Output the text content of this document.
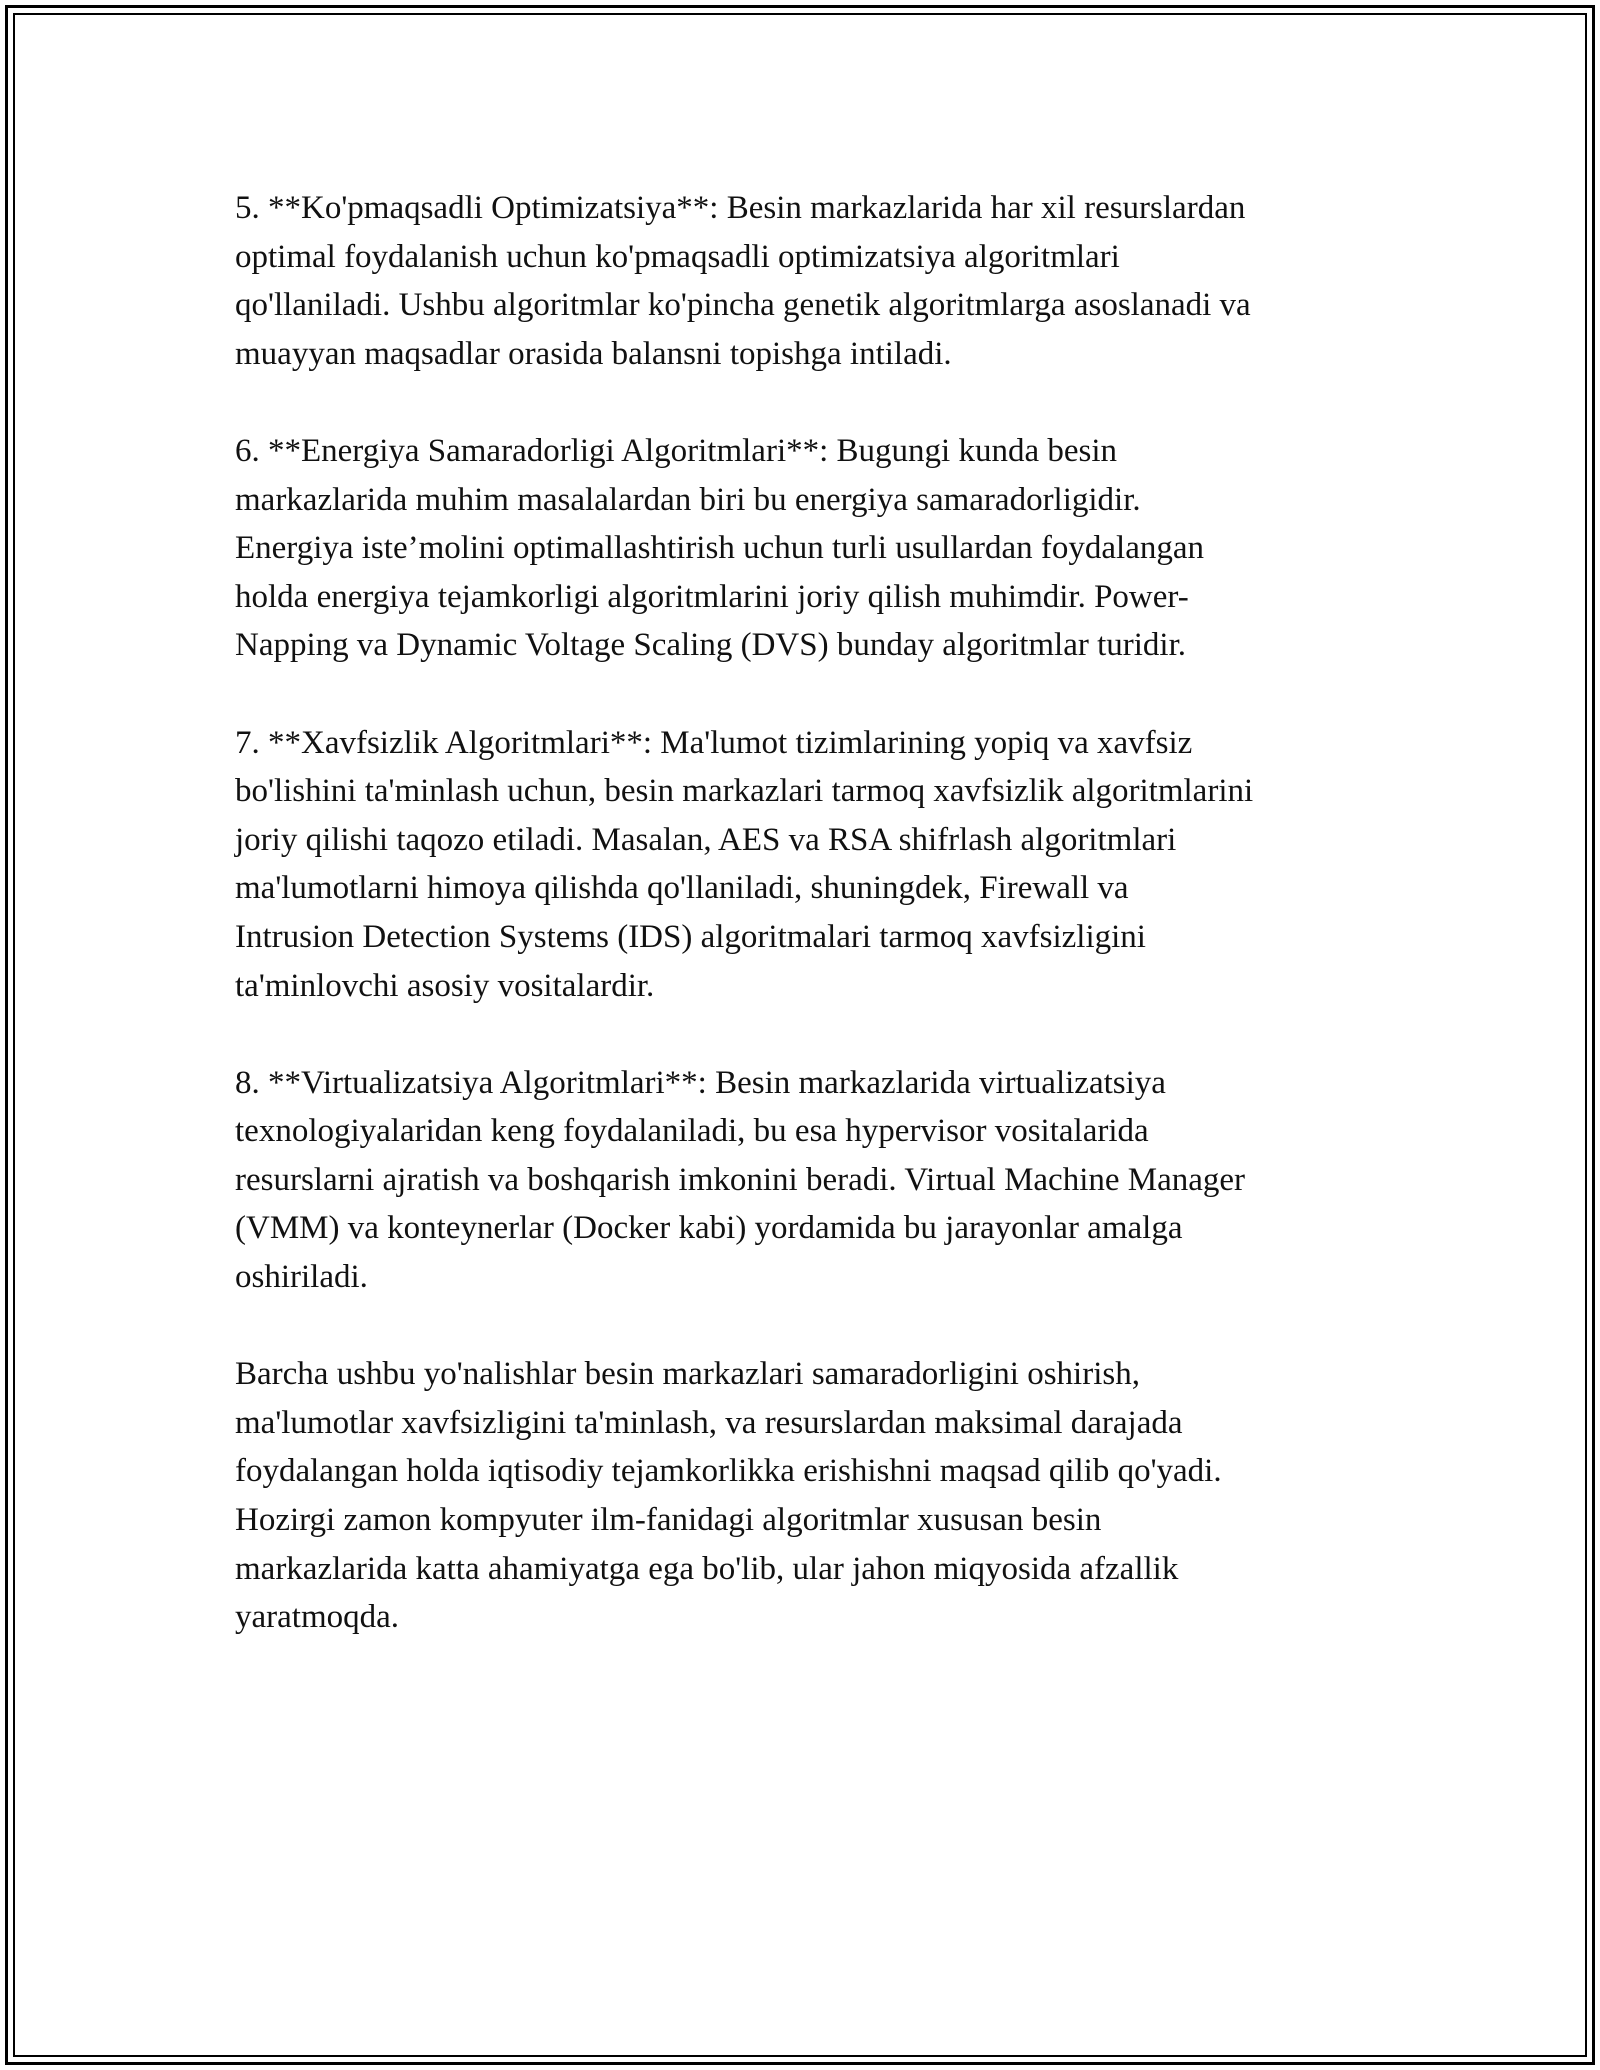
5. **Ko'pmaqsadli Optimizatsiya**: Besin markazlarida har xil resurslardan
optimal foydalanish uchun ko'pmaqsadli optimizatsiya algoritmlari
qo'llaniladi. Ushbu algoritmlar ko'pincha genetik algoritmlarga asoslanadi va
muayyan maqsadlar orasida balansni topishga intiladi.

6. **Energiya Samaradorligi Algoritmlari**: Bugungi kunda besin
markazlarida muhim masalalardan biri bu energiya samaradorligidir.
Energiya iste’molini optimallashtirish uchun turli usullardan foydalangan
holda energiya tejamkorligi algoritmlarini joriy qilish muhimdir. Power-
Napping va Dynamic Voltage Scaling (DVS) bunday algoritmlar turidir.

7. **Xavfsizlik Algoritmlari**: Ma'lumot tizimlarining yopiq va xavfsiz
bo'lishini ta'minlash uchun, besin markazlari tarmoq xavfsizlik algoritmlarini
joriy qilishi taqozo etiladi. Masalan, AES va RSA shifrlash algoritmlari
ma'lumotlarni himoya qilishda qo'llaniladi, shuningdek, Firewall va
Intrusion Detection Systems (IDS) algoritmalari tarmoq xavfsizligini
ta'minlovchi asosiy vositalardir.

8. **Virtualizatsiya Algoritmlari**: Besin markazlarida virtualizatsiya
texnologiyalaridan keng foydalaniladi, bu esa hypervisor vositalarida
resurslarni ajratish va boshqarish imkonini beradi. Virtual Machine Manager
(VMM) va konteynerlar (Docker kabi) yordamida bu jarayonlar amalga
oshiriladi.

Barcha ushbu yo'nalishlar besin markazlari samaradorligini oshirish,
ma'lumotlar xavfsizligini ta'minlash, va resurslardan maksimal darajada
foydalangan holda iqtisodiy tejamkorlikka erishishni maqsad qilib qo'yadi.
Hozirgi zamon kompyuter ilm-fanidagi algoritmlar xususan besin
markazlarida katta ahamiyatga ega bo'lib, ular jahon miqyosida afzallik
yaratmoqda.
